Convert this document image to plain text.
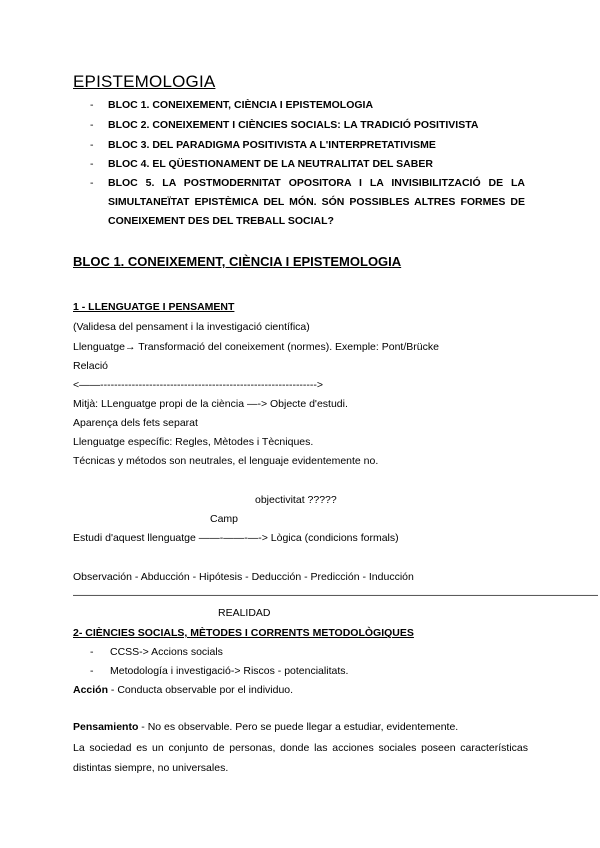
EPISTEMOLOGIA
- BLOC 1. CONEIXEMENT, CIÈNCIA I EPISTEMOLOGIA
- BLOC 2. CONEIXEMENT I CIÈNCIES SOCIALS: LA TRADICIÓ POSITIVISTA
- BLOC 3. DEL PARADIGMA POSITIVISTA A L'INTERPRETATIVISME
- BLOC 4. EL QÜESTIONAMENT DE LA NEUTRALITAT DEL SABER
- BLOC 5. LA POSTMODERNITAT OPOSITORA I LA INVISIBILITZACIÓ DE LA SIMULTANEÏTAT EPISTÈMICA DEL MÓN. SÓN POSSIBLES ALTRES FORMES DE CONEIXEMENT DES DEL TREBALL SOCIAL?
BLOC 1. CONEIXEMENT, CIÈNCIA I EPISTEMOLOGIA
1 - LLENGUATGE I PENSAMENT
(Validesa del pensament i la investigació científica)
Llenguatge→ Transformació del coneixement (normes). Exemple: Pont/Brücke
Relació
<——-------------------------------------------------------------->
Mitjà: LLenguatge propi de la ciència —-> Objecte d'estudi.
Aparença dels fets separat
Llenguatge específic: Regles, Mètodes i Tècniques.
Técnicas y métodos son neutrales, el lenguaje evidentemente no.
objectivitat ?????
Camp
Estudi d'aquest llenguatge ——-——-—-> Lògica (condicions formals)
Observación - Abducción - Hipótesis - Deducción - Predicción - Inducción
——————————————————————————————————————————————————
REALIDAD
2- CIÈNCIES SOCIALS, MÈTODES I CORRENTS METODOLÒGIQUES
- CCSS-> Accions socials
- Metodología i investigació-> Riscos - potencialitats.
Acción - Conducta observable por el individuo.
Pensamiento - No es observable. Pero se puede llegar a estudiar, evidentemente.
La sociedad es un conjunto de personas, donde las acciones sociales poseen características distintas siempre, no universales.
